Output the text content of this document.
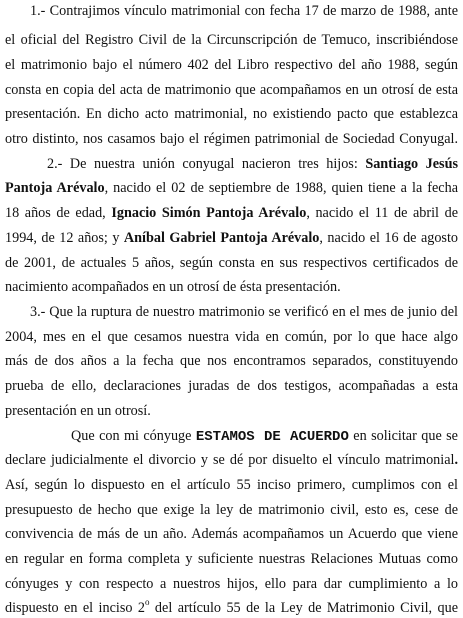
1.- Contrajimos vínculo matrimonial con fecha 17 de marzo de 1988, ante
el oficial del Registro Civil de la Circunscripción de Temuco, inscribiéndose
el matrimonio bajo el número 402 del Libro respectivo del año 1988, según
consta en copia del acta de matrimonio que acompañamos en un otrosí de esta
presentación. En dicho acto matrimonial, no existiendo pacto que establezca
otro distinto, nos casamos bajo el régimen patrimonial de Sociedad Conyugal.
2.- De nuestra unión conyugal nacieron tres hijos: Santiago Jesús
Pantoja Arévalo, nacido el 02 de septiembre de 1988, quien tiene a la fecha
18 años de edad, Ignacio Simón Pantoja Arévalo, nacido el 11 de abril de
1994, de 12 años; y Aníbal Gabriel Pantoja Arévalo, nacido el 16 de agosto
de 2001, de actuales 5 años, según consta en sus respectivos certificados de
nacimiento acompañados en un otrosí de ésta presentación.
3.- Que la ruptura de nuestro matrimonio se verificó en el mes de junio del
2004, mes en el que cesamos nuestra vida en común, por lo que hace algo
más de dos años a la fecha que nos encontramos separados, constituyendo
prueba de ello, declaraciones juradas de dos testigos, acompañadas a esta
presentación en un otrosí.
Que con mi cónyuge ESTAMOS DE ACUERDO en solicitar que se
declare judicialmente el divorcio y se dé por disuelto el vínculo matrimonial.
Así, según lo dispuesto en el artículo 55 inciso primero, cumplimos con el
presupuesto de hecho que exige la ley de matrimonio civil, esto es, cese de
convivencia de más de un año. Además acompañamos un Acuerdo que viene
en regular en forma completa y suficiente nuestras Relaciones Mutuas como
cónyuges y con respecto a nuestros hijos, ello para dar cumplimiento a lo
dispuesto en el inciso 2$^o$ del artículo 55 de la Ley de Matrimonio Civil, que
